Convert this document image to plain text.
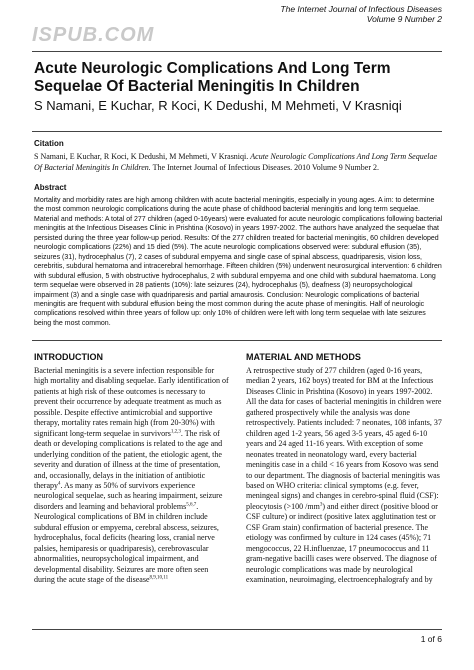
ISPUB.COM
The Internet Journal of Infectious Diseases
Volume 9 Number 2
Acute Neurologic Complications And Long Term Sequelae Of Bacterial Meningitis In Children
S Namani, E Kuchar, R Koci, K Dedushi, M Mehmeti, V Krasniqi
Citation
S Namani, E Kuchar, R Koci, K Dedushi, M Mehmeti, V Krasniqi. Acute Neurologic Complications And Long Term Sequelae Of Bacterial Meningitis In Children. The Internet Journal of Infectious Diseases. 2010 Volume 9 Number 2.
Abstract
Mortality and morbidity rates are high among children with acute bacterial meningitis, especially in young ages. A im: to determine the most common neurologic complications during the acute phase of childhood bacterial meningitis and long term sequelae. Material and methods: A total of 277 children (aged 0-16years) were evaluated for acute neurologic complications following bacterial meningitis at the Infectious Diseases Clinic in Prishtina (Kosovo) in years 1997-2002. The authors have analyzed the sequelae that persisted during the three year follow-up period. Results: Of the 277 children treated for bacterial meningitis, 60 children developed neurologic complications (22%) and 15 died (5%). The acute neurologic complications observed were: subdural effusion (35), seizures (31), hydrocephalus (7), 2 cases of subdural empyema and single case of spinal abscess, quadriparesis, vision loss, cerebritis, subdural hematoma and intracerebral hemorrhage. Fifteen children (5%) underwent neurosurgical intervention: 6 children with subdural effusion, 5 with obstructive hydrocephalus, 2 with subdural empyema and one child with subdural haematoma. Long term sequelae were observed in 28 patients (10%): late seizures (24), hydrocephalus (5), deafness (3) neuropsychological impairment (3) and a single case with quadriparesis and partial amaurosis. Conclusion: Neurologic complications of bacterial meningitis are frequent with subdural effusion being the most common during the acute phase of meningitis. Half of neurologic complications resolved within three years of follow up: only 10% of children were left with long term sequelae with late seizures being the most common.
INTRODUCTION

Bacterial meningitis is a severe infection responsible for high mortality and disabling sequelae. Early identification of patients at high risk of these outcomes is necessary to prevent their occurrence by adequate treatment as much as possible. Despite effective antimicrobial and supportive therapy, mortality rates remain high (from 20-30%) with significant long-term sequelae in survivors$^{1,2,3}$. The risk of death or developing complications is related to the age and underlying condition of the patient, the etiologic agent, the severity and duration of illness at the time of presentation, and, occasionally, delays in the initiation of antibiotic therapy$^4$. As many as 50% of survivors experience neurological sequelae, such as hearing impairment, seizure disorders and learning and behavioral problems$^{5,6,7}$. Neurological complications of BM in children include subdural effusion or empyema, cerebral abscess, seizures, hydrocephalus, focal deficits (hearing loss, cranial nerve palsies, hemiparesis or quadriparesis), cerebrovascular abnormalities, neuropsychological impairment, and developmental disability. Seizures are more often seen during the acute stage of the disease$^{8,9,10,11}$

MATERIAL AND METHODS

A retrospective study of 277 children (aged 0-16 years, median 2 years, 162 boys) treated for BM at the Infectious Diseases Clinic in Prishtina (Kosovo) in years 1997-2002. All the data for cases of bacterial meningitis in children were gathered prospectively while the analysis was done retrospectively. Patients included: 7 neonates, 108 infants, 37 children aged 1-2 years, 56 aged 3-5 years, 45 aged 6-10 years and 24 aged 11-16 years. With exception of some neonates treated in neonatology ward, every bacterial meningitis case in a child < 16 years from Kosovo was send to our department. The diagnosis of bacterial meningitis was based on WHO criteria: clinical symptoms (e.g. fever, meningeal signs) and changes in cerebro-spinal fluid (CSF): pleocytosis (>100 $/mm^3$) and either direct (positive blood or CSF culture) or indirect (positive latex agglutination test or CSF Gram stain) confirmation of bacterial presence. The etiology was confirmed by culture in 124 cases (45%); 71 mengococcus, 22 H.influenzae, 17 pneumococcus and 11 gram-negative bacilli cases were observed. The diagnose of neurologic complications was made by neurological examination, neuroimaging, electroencephalografy and by

1 of 6
